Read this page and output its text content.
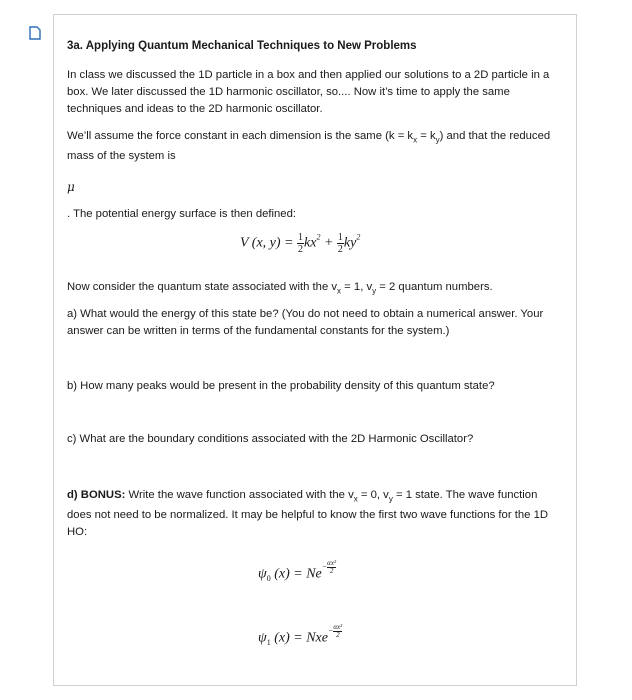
3a. Applying Quantum Mechanical Techniques to New Problems

In class we discussed the 1D particle in a box and then applied our solutions to a 2D particle in a box. We later discussed the 1D harmonic oscillator, so.... Now it’s time to apply the same techniques and ideas to the 2D harmonic oscillator.

We’ll assume the force constant in each dimension is the same $(k = k_x = k_y)$ and that the reduced mass of the system is

μ
. The potential energy surface is then defined:
V (x, $y) = \frac{1}{2} kx^2 + \frac{1}{2} ky^2$
Now consider the quantum state associated with the $v_x = 1$, $v_y = 2$ quantum numbers.
a) What would the energy of this state be? (You do not need to obtain a numerical answer. Your answer can be written in terms of the fundamental constants for the system.)
b) How many peaks would be present in the probability density of this quantum state?
c) What are the boundary conditions associated with the 2D Harmonic Oscillator?
d) BONUS: Write the wave function associated with the $v_x = 0$, $v_y = 1$ state. The wave function does not need to be normalized. It may be helpful to know the first two wave functions for the 1D HO:
$\psi_0$ $(x) = Ne- \frac{\text{αx²}}{2}$
$\psi_1$ $(x) = Nxe- \frac{\text{αx²}}{2}$
